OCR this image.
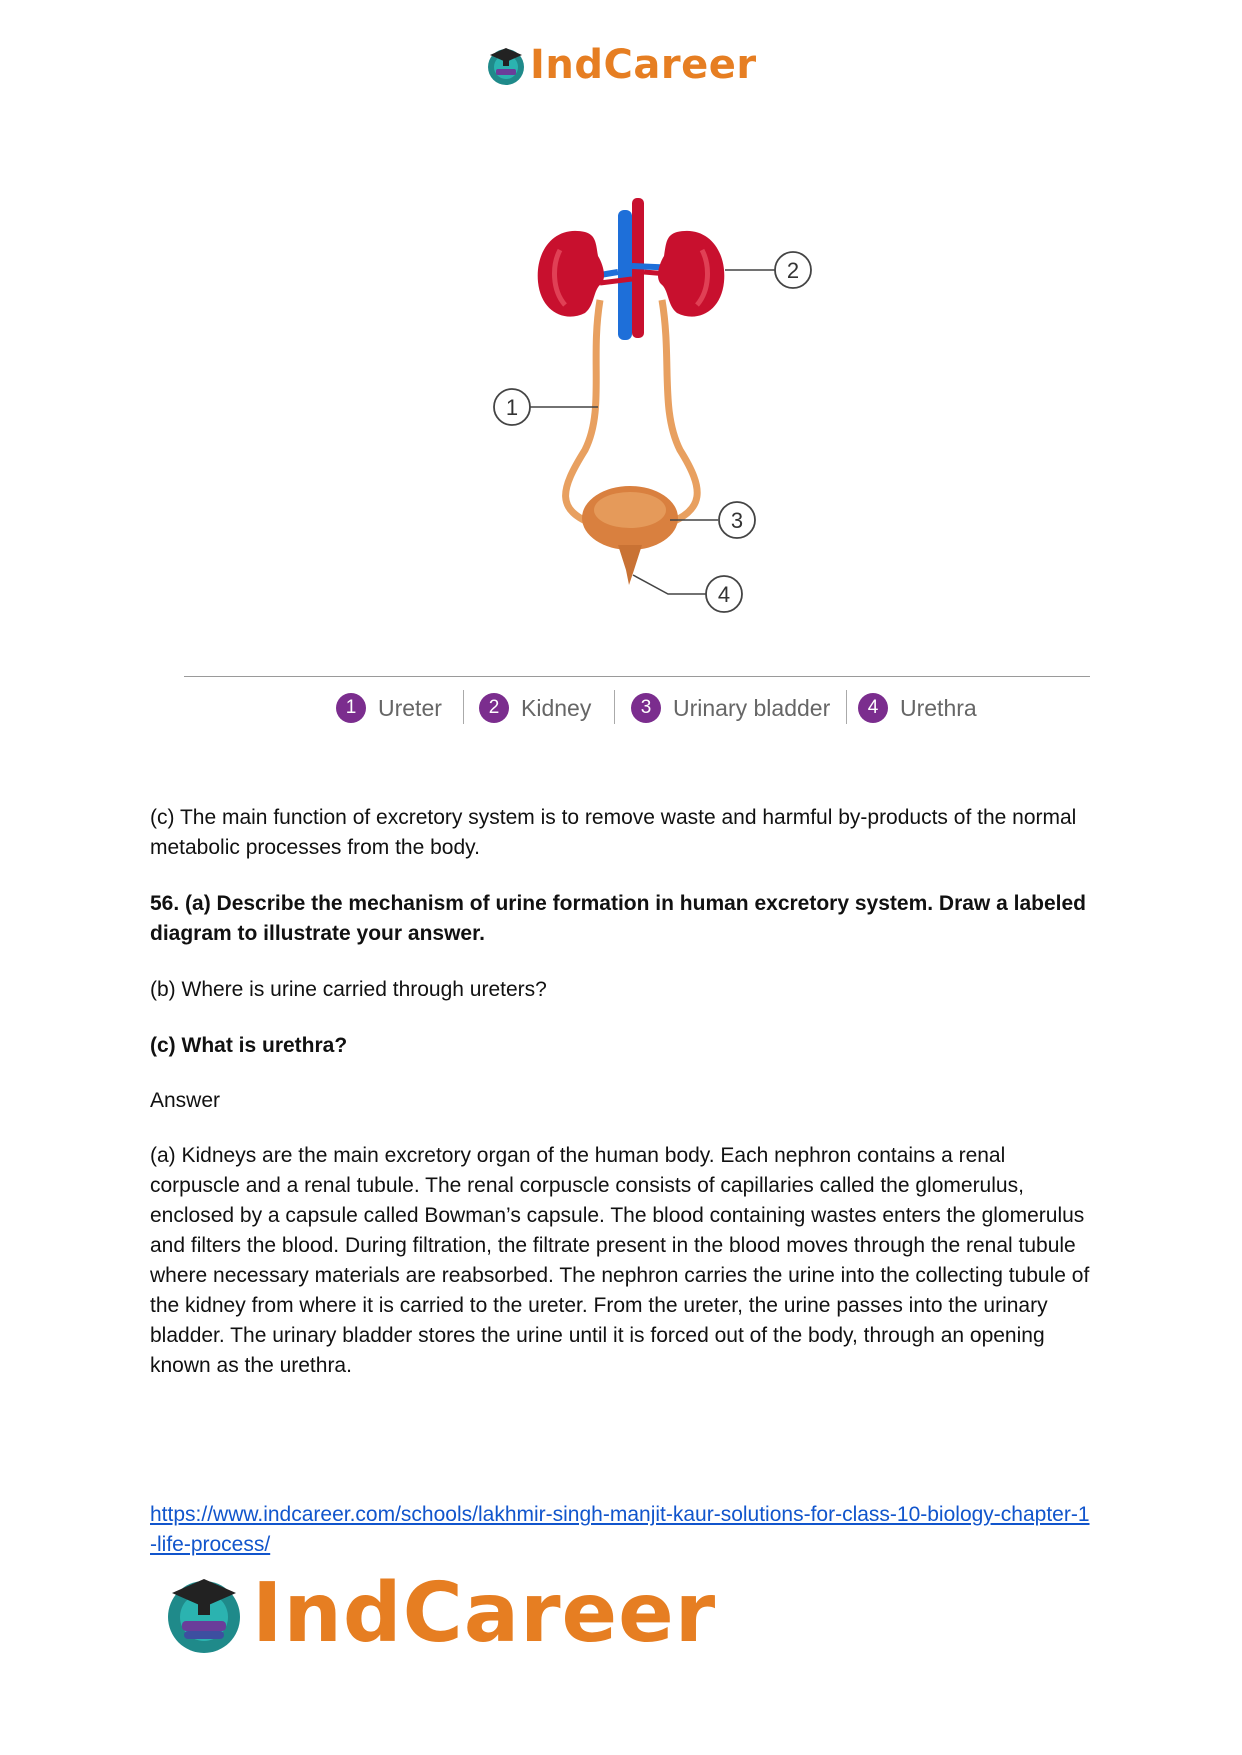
IndCareer
2
1
3
4
1 Ureter	2 Kidney	3 Urinary bladder	4 Urethra

(c) The main function of excretory system is to remove waste and harmful by-products of the normal metabolic processes from the body.

56. (a) Describe the mechanism of urine formation in human excretory system. Draw a labeled diagram to illustrate your answer.

(b) Where is urine carried through ureters?

(c) What is urethra?

Answer

(a) Kidneys are the main excretory organ of the human body. Each nephron contains a renal corpuscle and a renal tubule. The renal corpuscle consists of capillaries called the glomerulus, enclosed by a capsule called Bowman’s capsule. The blood containing wastes enters the glomerulus and filters the blood. During filtration, the filtrate present in the blood moves through the renal tubule where necessary materials are reabsorbed. The nephron carries the urine into the collecting tubule of the kidney from where it is carried to the ureter. From the ureter, the urine passes into the urinary bladder. The urinary bladder stores the urine until it is forced out of the body, through an opening known as the urethra.

https://www.indcareer.com/schools/lakhmir-singh-manjit-kaur-solutions-for-class-10-biology-chapter-1-life-process/
IndCareer
